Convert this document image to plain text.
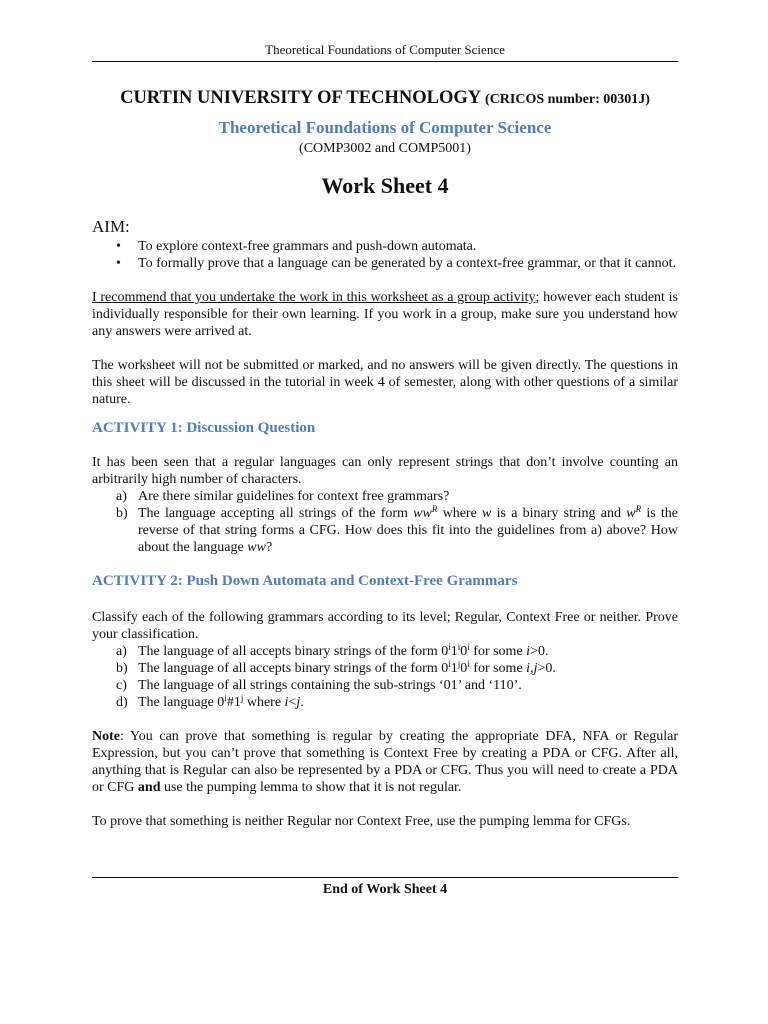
Theoretical Foundations of Computer Science

CURTIN UNIVERSITY OF TECHNOLOGY (CRICOS number: 00301J)

Theoretical Foundations of Computer Science

(COMP3002 and COMP5001)

Work Sheet 4

AIM:

• To explore context-free grammars and push-down automata.
• To formally prove that a language can be generated by a context-free grammar, or that it cannot.

I recommend that you undertake the work in this worksheet as a group activity; however each student is individually responsible for their own learning. If you work in a group, make sure you understand how any answers were arrived at.

The worksheet will not be submitted or marked, and no answers will be given directly. The questions in this sheet will be discussed in the tutorial in week 4 of semester, along with other questions of a similar nature.

ACTIVITY 1: Discussion Question

It has been seen that a regular languages can only represent strings that don’t involve counting an arbitrarily high number of characters.

a) Are there similar guidelines for context free grammars?
b) The language accepting all strings of the form $ww^R$ where w is a binary string and $w^R$ is the reverse of that string forms a CFG. How does this fit into the guidelines from a) above? How about the language ww?

ACTIVITY 2: Push Down Automata and Context-Free Grammars

Classify each of the following grammars according to its level; Regular, Context Free or neither. Prove your classification.

a) The language of all accepts binary strings of the form 0$^i$1$^i$0$^i$ for some i>0.
b) The language of all accepts binary strings of the form 0$^i$1$^j$0$^i$ for some i,j>0.
c) The language of all strings containing the sub-strings ‘01’ and ‘110’.
d) The language 0$^i$#1$^j$ where i<j.

Note: You can prove that something is regular by creating the appropriate DFA, NFA or Regular Expression, but you can’t prove that something is Context Free by creating a PDA or CFG. After all, anything that is Regular can also be represented by a PDA or CFG. Thus you will need to create a PDA or CFG and use the pumping lemma to show that it is not regular.

To prove that something is neither Regular nor Context Free, use the pumping lemma for CFGs.

End of Work Sheet 4
